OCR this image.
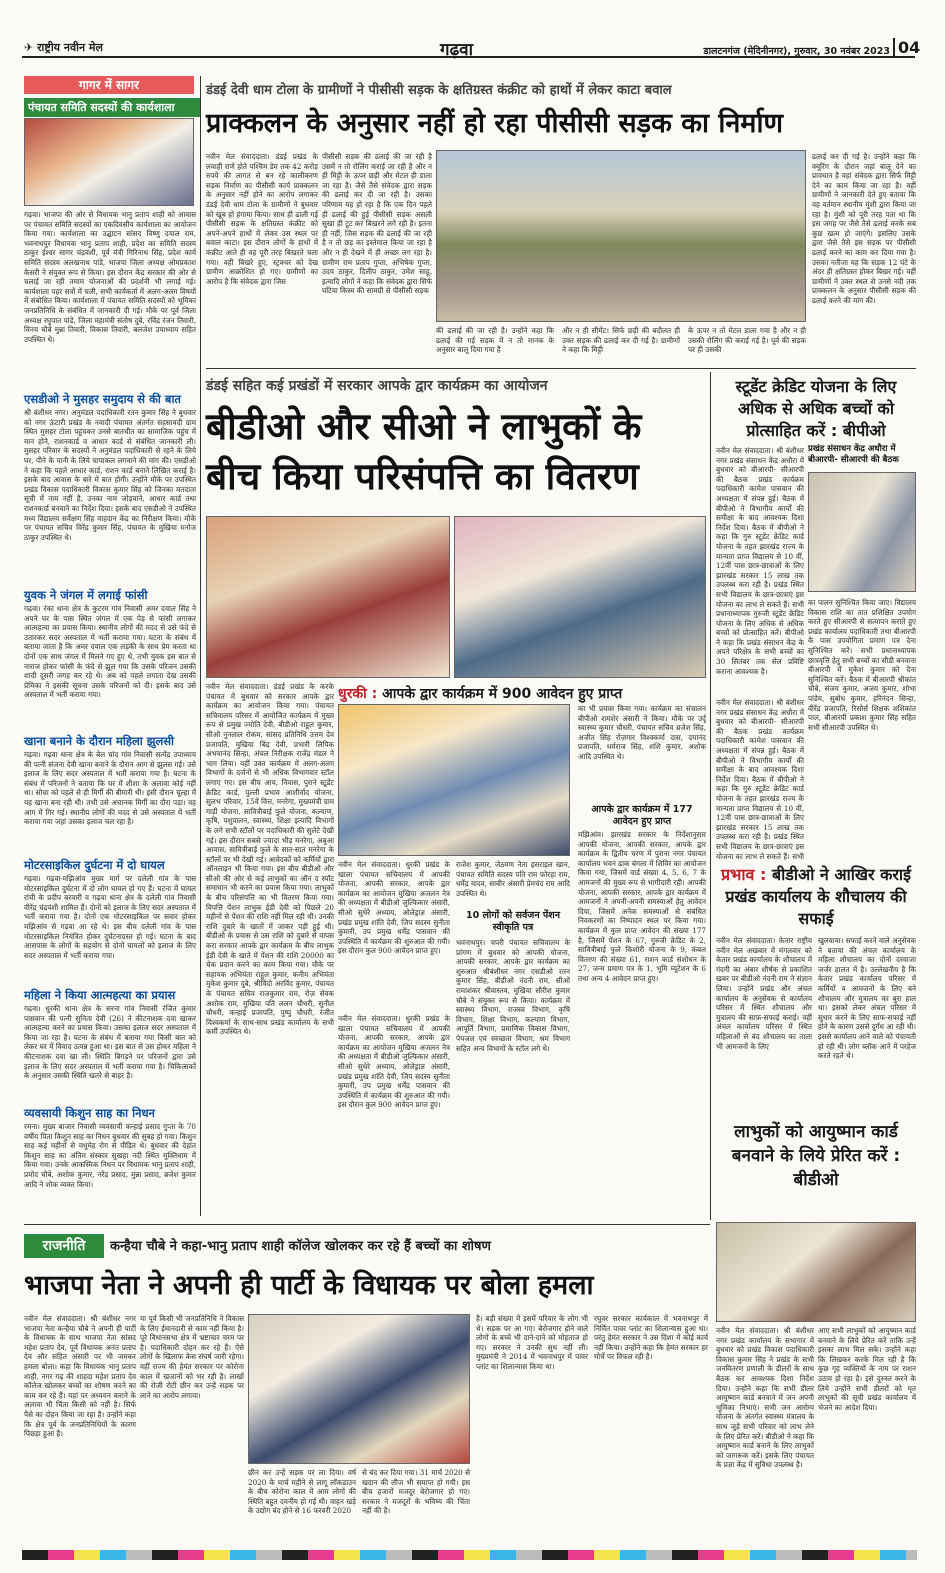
✈ राष्ट्रीय नवीन मेल	गढ़वा	डालटनगंज (मेदिनीनगर), गुरुवार, 30 नवंबर 2023 04
गागर में सागर
पंचायत समिति सदस्यों की कार्यशाला
गढ़वा। भाजपा की ओर से विधायक भानु प्रताप शाही को आवास पर पंचायत समिति सदस्यों का एकदिवसीय कार्यशाला का आयोजन किया गया। कार्यशाला का उद्घाटन सांसद विष्णु दयाल राम, भवनाथपुर विधायक भानु प्रताप शाही, प्रदेश का समिति सदस्य ठाकुर ईश्वर सागर चंद्रवंशी, पूर्व मंत्री गिरिनाथ सिंह, प्रदेश कार्य समिति सदस्य अलखनाथ पांडे, भाजपा जिला अध्यक्ष ओमप्रकाश केसरी ने संयुक्त रूप से किया। इस दौरान केंद्र सरकार की ओर से चलाई जा रही तमाम योजनाओं की प्रदर्शनी भी लगाई गई। कार्यशाला पहर सत्रों में चली, सभी कार्यकर्ता में अलग-अलग विषयों में संबोधित किया। कार्यशाला में पंचायत समिति सदस्यों को भूमिका जनप्रतिनिधि के संबंधित में जानकारी दी गई। मौके पर पूर्व जिला अध्यक्ष रघुपात पांडे, जिला महामंत्री संतोष दुबे, रविंद्र रंजन तिवारी, विनय चौबे मुन्ना तिवारी, विकास तिवारी, बलजेश उपाध्याय सहित उपस्थित थे।
एसडीओ ने मुसहर समुदाय से की बात
श्री बंशीधर नगर। अनुमंडल पदाधिकारी रतन कुमार सिंह ने बुधवार को नगर ऊंटारी प्रखंड के नवादी पंचायत अंतर्गत सहसावदी ग्राम स्थित मुसहर टोला पहुंचकर उनसे बातचीत का सामाजिक पहुंच में मान होने, राशनकार्ड व आधार कार्ड से संबंधित जानकारी ली। मुसहर परिवार के सदस्यों ने अनुमंडल पदाधिकारी से रहने के लिये घर, पीने के पानी के लिये चापाकल लगवाने की मांग की। एसडीओ ने कहा कि पहले आधार कार्ड, राशन कार्ड बनाने लिखित कराई है। इसके बाद आवास के बारे में बात होगी। उन्होंने मौके पर उपस्थित प्रखंड विकास पदाधिकारी विकास कुमार सिंह को जिनका मतदाता सूची में नाम नहीं है, उनका नाम जोड़वाने, आधार कार्ड तथा राशनकार्ड बनवाने का निर्देश दिया। इसके बाद एसडीओ ने उपस्थित मध्य विद्यालय सर्वेक्षण सिंह वाहदान केंद्र का निरीक्षण किया। मौके पर पंचायत सचिव विरेंद्र कुमार सिंह, पंचायत के मुखिया मनोज ठाकुर उपस्थित थे।
युवक ने जंगल में लगाई फांसी
गढ़वा। रंका थाना क्षेत्र के कुटरम गांव निवासी अमर दयाल सिंह ने अपने घर के पास स्थित जंगल में एक पेड़ से फांसी लगाकर आत्महत्या का प्रयास किया। स्थानीय लोगों की मदद से उसे फंदे से उतारकर सदर अस्पताल में भर्ती कराया गया। घटना के संबंध में बताया जाता है कि अमर दयाल एक लड़की के साथ प्रेम करता था दोनों एक साथ जंगल में मिलने गए हुए थे, तभी युवक इस बात से नाराज होकर फांसी के फंदे से झूल गया कि उसके परिजन उसकी शादी दूसरी जगह कर रहे थे। अब को पहले लगाता देख उसकी प्रेमिका ने इसकी सूचना उसके परिजनों को दी। इसके बाद उसे अस्पताल में भर्ती कराया गया।
खाना बनाने के दौरान महिला झुलसी
गढ़वा। गढ़वा थाना क्षेत्र के बेल चांद गांव निवासी सत्येंद्र उपाध्याय की पत्नी संजना देवी खाना बनाने के दौरान आग से झुलस गई। उसे इलाज के लिए सदर अस्पताल में भर्ती कराया गया है। घटना के संबंध में परिजनों ने बताया कि घर में शीशा के अलावा कोई नहीं था। सोचा को पहले से ही मिर्गी की बीमारी थी। इसी दौरान चूल्हा में यह खाना बना रही थी। तभी उसे अचानक मिर्गी का दौरा पड़ा। वह आग में गिर गई। स्थानीय लोगों की मदद से उसे अस्पताल में भर्ती कराया गया जहां उसका इलाज चल रहा है।
मोटरसाइकिल दुर्घटना में दो घायल
गढ़वा। गढ़वा-मझिआंव मुख्य मार्ग पर दलेली गांव के पास मोटरसाइकिल दुर्घटना में दो लोग घायल हो गए हैं। घटना में घायल रांची के प्रदीप बरवारी व गढ़वा थाना क्षेत्र के दलेली गांव निवासी वीरेंद्र चंद्रवंशी शामिल हैं। दोनों को इलाज के लिए सदर अस्पताल में भर्ती कराया गया है। दोनों एक मोटरसाइकिल पर सवार होकर मझिआंव से गढ़वा आ रहे थे। इस बीच दलेली गांव के पास मोटरसाइकिल नियंत्रित होकर दुर्घटनाग्रस्त हो गई। घटना के बाद आसपास के लोगों के सहयोग से दोनों घायलों को इलाज के लिए सदर अस्पताल में भर्ती कराया गया।
महिला ने किया आत्महत्या का प्रयास
गढ़वा। धुरकी थाना क्षेत्र के सरना गांव निवासी रंजित कुमार पासवान की पत्नी सुनिता देवी (26) ने कीटनाशक दवा खाकर आत्महत्या करने का प्रयास किया। उसका इलाज सदर अस्पताल में किया जा रहा है। घटना के संबंध में बताया गया किसी बात को लेकर घर में विवाद उत्पन्न हुआ था। इस बात से उस होकर महिला ने कीटनाशक दवा खा ली। स्थिति बिगड़ने पर परिजनों द्वारा उसे इलाज के लिए सदर अस्पताल में भर्ती कराया गया है। चिकित्सकों के अनुसार उसकी स्थिति खतरे से बाहर है।
व्यवसायी किशुन साह का निधन
रमना। मुख्य बाजार निवासी व्यवसायी कन्हाई प्रसाद गुप्ता के 70 वर्षीय पिता किशुन साह का निधन बुधवार की सुबह हो गया। किशुन साह कई महीनों से मधुमेह रोग से पीड़ित थे। बुधवार की देहांत किशुन साह का अंतिम संस्कार सुखहा नदी स्थित मुक्तिधाम में किया गया। उनके आकस्मिक निधन पर विधायक भानु प्रताप शाही, प्रमोद चौबे, अशोक कुमार, नरेंद्र प्रसाद, मुन्ना प्रसाद, ब्रजेश कुमार आदि ने शोक व्यक्त किया।
डंडई देवी धाम टोला के ग्रामीणों ने पीसीसी सड़क के क्षतिग्रस्त कंक्रीट को हाथों में लेकर काटा बवाल
प्राक्कलन के अनुसार नहीं हो रहा पीसीसी सड़क का निर्माण
नवीन मेल संवाददाता। डंडई प्रखंड के लवाही राणे होते पश्चिम डेम तक 42 करोड़ रुपये की लागत से बन रहे कालीकरण सड़क निर्माण का पीसीसी कार्य प्राक्कलन के अनुसार नहीं होने का आरोप लगाकर डंडई देवी धाम टोला के ग्रामीणों ने बुधवार को खूब हो हंगामा किया। साथ ही ढाली गई पीसीसी सड़क के क्षतिग्रस्त कंक्रीट को अपने-अपने हाथों में लेकर उस स्थल पर बवाल काटा। इस दौरान लोगों के हाथों में कंक्रीट आते ही वह पूरी तरह बिखरते चला गया। वहीं बिखरे हुए, स्ट्रक्चर को देख ग्रामीण आक्रोशित हो गए। ग्रामीणों का आरोप है कि संवेदक द्वारा जिस
पीसीसी सड़क की ढलाई की जा रही है उसमें न तो रोलिंग कराई जा रही है और न ही मिट्टी के ऊपर छड़ी और मेटल ही डाला जा रहा है। जैसे तैसे संवेदक द्वारा सड़क की ढलाई कर दी जा रही है। उसका परिणाम यह हो रहा है कि एक दिन पहले ही ढलाई की हुई पीसीसी सड़क असली सुखा ही टूट कर बिखरने लगे रही है। इतना ही नहीं, जिस सड़क की ढलाई की जा रही है न तो छड़ का इस्तेमाल किया जा रहा है और न ही देखने में ही अच्छा लग रहा है। ग्रामीण राम प्रताप गुप्ता, अभिषेक गुप्ता, उदय ठाकुर, दिलीप ठाकुर, उमेश साहू, इत्यादि लोगों ने कहा कि संवेदक द्वारा सिर्फ घटिया किस्म की सामग्री से पीसीसी सड़क
की ढलाई की जा रही है। उन्होंने कहा कि ढलाई की गई सड़क में न तो मानक के अनुसार बालू दिया गया है
और न ही सीमेंट। सिर्फ छड़ी की बदौलत ही उक्त सड़क की ढलाई कर दी गई है। ग्रामीणों ने कहा कि मिट्टी
के ऊपर न तो मेटल डाला गया है और न ही उसकी रोलिंग की कराई गई है। पूर्व की सड़क पर ही उसकी
ढलाई कर दी गई है। उन्होंने कहा कि क्यूरिंग के दौरान जहां बालू देने का प्रावधान है वहां संवेदक द्वारा सिर्फ मिट्टी देने का काम किया जा रहा है। वहीं ग्रामीणों ने जानकारी देते हुए बताया कि वह वर्तमान स्थानीय मुंशी द्वारा किया जा रहा है। मुंशी को पूरी तरह पता था कि इस जगह पर जैसे तैसे ढलाई करके सब कुछ खत्म हो जाएंगे। इसलिए उसके द्वारा जैसे तैसे इस सड़क पर पीसीसी ढलाई करने का काम कर दिया गया है। उसका नतीजा यह कि सड़क 12 घंटे के अंदर ही क्षतिग्रस्त होकर बिखर गई। वहीं ग्रामीणों ने उक्त स्थल से उनसे नदी तक प्राक्कलन के अनुसार पीसीसी सड़क की ढलाई करने की मांग की।
डंडई सहित कई प्रखंडों में सरकार आपके द्वार कार्यक्रम का आयोजन
बीडीओ और सीओ ने लाभुकों के बीच किया परिसंपत्ति का वितरण
नवीन मेल संवाददाता। डंडई प्रखंड के करके पंचायत में बुधवार को सरकार आपके द्वार कार्यक्रम का आयोजन किया गया। पंचायत सचिवालय परिसर में आयोजित कार्यक्रम में मुख्य रूप से प्रमुख ज्योति देवी, बीडीओ राहुल कुमार, सीओ नुनलाल रोकम, सांसद प्रतिनिधि उत्तम देव प्रजापति, मुखिया बिंद्र देवी, प्रभारी लिपिक अभयानंद सिन्हा, अंचल निरीक्षक राजेंद्र मंडल ने भाग लिया। वहीं उक्त कार्यक्रम में अलग-अलग विभागों के दर्जनों से भी अधिक विभागवार स्टॉल लगाए गए। इस बीच आय, निवास, पुराने स्टूडेंट क्रेडिट कार्ड, पुल्ली प्रभाव आशीर्वाद योजना, सुलभ परिवार, 15वें वित्त, मनरेगा, मुख्यमंत्री ग्राम गाड़ी योजना, सावित्रीबाई फुले योजना, कल्याण, कृषि, पशुपालन, स्वास्थ्य, शिक्षा इत्यादि विभागों के लगे सभी स्टॉलों पर पदाधिकारी की सुलेटे देखी गई। इस दौरान सबसे ज्यादा भीड़ मनरेगा, अबुआ आवास, सावित्रीबाई फुले के सात-सात मनरेगा के स्टॉलों पर भी देखी गई। आवेदकों को कर्मियों द्वारा ऑनलाइन भी किया गया। इस बीच बीडीओ और सीओ की ओर से कई लाभुकों का ऑन द स्पॉट समाधान भी करने का प्रयास किया गया। लाभुकों के बीच परिसंपत्ति का भी वितरण किया गया। विपत्ति पेंशन लाभुक ईडी देवी को पिछले 20 महीनों से पेंशन की राशि नहीं मिल रही थी। उनकी राशि दुबारे के खातों में जाकर पड़ी हुई थी। बीडीओ के प्रयास से उस राशि को दुबारे से वापस करा सरकार आपके द्वार कार्यक्रम के बीच लाभुक ईडी देवी के खाते में पेंशन की राशि 20000 का चेक प्रदान करने का काम किया गया। मौके पर सहायक अभियंता राहुल कुमार, कनीय अभियंता मुकेश कुमार दुबे, श्रीविंदो अरविंद कुमार, पंचायत के पंचायत सचिव राजकुमार राम, रोज़ सेवक अशोक राम, मुखिया पति ललन चौधरी, सुनील चौधरी, कन्हाई प्रजापति, पुष्पु चौधरी, रंजीत विश्वकर्मा के साथ-साथ प्रखंड कार्यालय के सभी कर्मी उपस्थित थे।
धुरकी : आपके द्वार कार्यक्रम में 900 आवेदन हुए प्राप्त
नवीन मेल संवाददाता। धुरकी प्रखंड के खाला पंचायत सचिवालय में आपकी योजना, आपकी सरकार, आपके द्वार कार्यक्रम का आयोजन मुखिया अजलन नेत्र की अध्यक्षता में बीडीओ जुल्फिकार अंसारी, सीओ सुधेरे अध्याय, ओलेड्राज्ञ अंसारी, प्रखंड प्रमुख शांति देवी, जिप सदस्य सुनीता कुमारी, उप प्रमुख धर्मेंद्र पासवान की उपस्थिति में कार्यक्रम की शुरुआत की गयी। इस दौरान कुल 900 आवेदन प्राप्त हुए।
राजेश कुमार, जेठमण नेता इसराइल खान, पंचायत समिति सदस्य पति राम फ़ोरहा राम, धर्मेंद्र यादव, साबीर अंसारी प्रेमचंद राम आदि उपस्थित थे।
10 लोगों को सर्वजन पेंशन स्वीकृति पत्र
भवनाथपुर। चपरी पंचायत सचिवालय के प्रांगण में बुधवार को आपकी योजना, आपकी सरकार, आपके द्वार कार्यक्रम का शुरुआत श्रीबंशीधर नगर एसडीओ रतन कुमार सिंह, बीडीओ नंदनी राम, सीओ रामाशंकर श्रीवास्तव, मुखिया सौरीश कुमार चौबे ने संयुक्त रूप से किया। कार्यक्रम में स्वास्थ्य विभाग, राजस्व विभाग, कृषि विभाग, शिक्षा विभाग, कल्याण विभाग, आपूर्ति विभाग, प्रमाणिक विकास विभाग, पेयजल एवं स्वच्छता विभाग, श्रम विभाग सहित अन्य विभागों के स्टॉल लगे थे।
नवीन मेल संवाददाता। धुरकी प्रखंड के खाला पंचायत सचिवालय में आपकी योजना, आपकी सरकार, आपके द्वार कार्यक्रम का आयोजन मुखिया अजलन नेत्र की अध्यक्षता में बीडीओ जुल्फिकार अंसारी, सीओ सुधेरे अध्याय, ओलेड्राज्ञ अंसारी, प्रखंड प्रमुख शांति देवी, जिप सदस्य सुनीता कुमारी, उप प्रमुख धर्मेंद्र पासवान की उपस्थिति में कार्यक्रम की शुरुआत की गयी। इस दौरान कुल 900 आवेदन प्राप्त हुए।
का भी प्रयास किया गया। कार्यक्रम का संचालन बीपीओ शमशेर अंसारी ने किया। मौके पर उर्दू स्वास्थ्य कुमार चौधरी, पंचायत सचिव ब्रजेश सिंह, अजीत सिंह रोज़गार विश्वकर्मा दास, दयानंद प्रजापति, धर्मराज सिंह, शशि कुमार, अशोक आदि उपस्थित थे।
आपके द्वार कार्यक्रम में 177 आवेदन हुए प्राप्त
मझिआंव। झारखंड सरकार के निर्देशानुसार आपकी योजना, आपकी सरकार, आपके द्वार कार्यक्रम के द्वितीय चरण में पुराना नगर पंचायत कार्यालय भवन ढाक बंगला में शिविर का आयोजन किया गया, जिसमें वार्ड संख्या 4, 5, 6, 7 के आमजनों की मुख्य रूप से भागीदारी रही। आपकी योजना, आपकी सरकार, आपके द्वार कार्यक्रम में आमजनों ने अपनी-अपनी समस्याओं हेतु आवेदन दिया, जिसमें अनेक समस्याओं से संबंधित निवकरणों का निष्पादन स्थल पर किया गया। कार्यक्रम में कुल प्राप्त आवेदन की संख्या 177 है, जिसमें पेंशन के 67, गुरुजी क्रेडिट के 2, सावित्रीबाई फुले किशोरी योजना के 9, कंबल वितरण की संख्या 61, राशन कार्ड संशोधन के 27, जन्म प्रमाण पत्र के 1, भूमि म्यूटेशन के 6 तथा अन्य 4 आवेदन प्राप्त हुए।
स्टूडेंट क्रेडिट योजना के लिए अधिक से अधिक बच्चों को प्रोत्साहित करें : बीपीओ
प्रखंड संसाधन केंद्र अधौरा में बीआरपी- सीआरपी की बैठक
नवीन मेल संवाददाता। श्री बंशीधर नगर प्रखंड संसाधन केंद्र अधौरा में बुधवार को बीआरपी- सीआरपी की बैठक प्रखंड कार्यक्रम पदाधिकारी कामेश पासवान की अध्यक्षता में संपन्न हुई। बैठक में बीपीओ ने विभागीय कार्यों की समीक्षा के बाद आवश्यक दिशा निर्देश दिया। बैठक में बीपीओ ने कहा कि गुरु स्टूडेंट क्रेडिट कार्ड योजना के तहत झारखंड राज्य के मान्यता प्राप्त विद्यालय से 10 वीं, 12वीं पास छात्र-छात्राओं के लिए झारखंड सरकार 15 लाख तक उपलब्ध करा रही है। प्रखंड स्थित सभी विद्यालय के छात्र-छात्राएं इस योजना का लाभ ले सकते हैं। सभी प्रधानाध्यापक गुरुजी स्टूडेंट क्रेडिट योजना के लिए अधिक से अधिक बच्चों को प्रोत्साहित करें। बीपीओ ने कहा कि प्रखंड संसाधन केंद्र के अपने परिक्षेत्र के सभी बच्चों का 30 सितंबर तक सेल प्रविष्टि कराना आवश्यक है।
का पालन सुनिश्चित किया जाए। विद्यालय विकास राशि का तात प्रशिक्षित उपयोग करते हुए सीआरपी से सत्यापन कराते हुए प्रखंड कार्यालय पदाधिकारी तथा बीआरपी के पास उपयोगिता प्रमाण पत्र देना सुनिश्चित करें। सभी प्रधानाध्यापक छात्रवृत्ति हेतु सभी बच्चों का सीडी बनवाना बीआरपी में मुकेश कुमार को देना सुनिश्चित करें। बैठक में बीआरपी श्रीकांत चौबे, संजय कुमार, अजय कुमार, शोभा पांडेय, सुबोध कुमार, हरिनंदन सिन्हा, वीरेंद्र प्रजापति, रिसोर्स शिक्षक शशिकांत पाल, बीआरपी प्रकाश कुमार सिंह सहित सभी सीआरपी उपस्थित थे।
नवीन मेल संवाददाता। श्री बंशीधर नगर प्रखंड संसाधन केंद्र अधौरा में बुधवार को बीआरपी- सीआरपी की बैठक प्रखंड कार्यक्रम पदाधिकारी कामेश पासवान की अध्यक्षता में संपन्न हुई। बैठक में बीपीओ ने विभागीय कार्यों की समीक्षा के बाद आवश्यक दिशा निर्देश दिया। बैठक में बीपीओ ने कहा कि गुरु स्टूडेंट क्रेडिट कार्ड योजना के तहत झारखंड राज्य के मान्यता प्राप्त विद्यालय से 10 वीं, 12वीं पास छात्र-छात्राओं के लिए झारखंड सरकार 15 लाख तक उपलब्ध करा रही है। प्रखंड स्थित सभी विद्यालय के छात्र-छात्राएं इस योजना का लाभ ले सकते हैं। सभी
प्रभाव : बीडीओ ने आखिर कराई प्रखंड कार्यालय के शौचालय की सफाई
नवीन मेल संवाददाता। केतार राष्ट्रीय नवीन मेल अखबार में मंगलवार को केतार प्रखंड कार्यालय के शौचालय में गंदगी का अंबार शीर्षक से प्रकाशित खबर पर बीडीओ नंदनी राम ने संज्ञान लिया। उन्होंने प्रखंड और अंचल कार्यालय के अनुसेवक से कार्यालय परिसर में स्थित शौचालय और मुत्रालय की साफ़-सफाई कराई। वहीं अंचल कार्यालय परिसर में स्थित महिलाओं से बंद शौचालय का ताला भी आमजनों के लिए
खुलवाया। सफाई करने वाले अनुसेवक ने बताया की अंचल कार्यालय के महिला शौचालय का दोनों दरवाजा जर्जर हालत में है। उल्लेखनीय है कि केतार प्रखंड कार्यालय परिसर में कर्मियों व आमजनों के लिए बने शौचालय और मुत्रालय का बुरा हाल था। इसको लेकर अंचल परिसर में सुधार करने के लिए साफ-सफाई नहीं होने के कारण उससे दुर्गंध आ रही थी। इससे कार्यालय आने वाले को पंचायती हो रही थी। लोग ब्लॉक आने में परहेज करते रहते थे।
लाभुकों को आयुष्मान कार्ड बनवाने के लिये प्रेरित करें : बीडीओ
नवीन मेल संवाददाता। श्री बंशीधर नगर प्रखंड कार्यालय के सभागार में बुधवार को प्रखंड विकास पदाधिकारी विकास कुमार सिंह ने प्रखंड के सभी जनवितरण प्रणाली के डीलरों के साथ बैठक कर आवश्यक दिशा निर्देश दिया। उन्होंने कहा कि सभी डीलर आयुष्मान कार्ड बनवाने में जन अपनी भूमिका निभाएं। सभी जन आरोग्य योजना के अंतर्गत स्वास्थ्य मंत्रालय के साथ जुड़े सभी परिवार को लाभ लेने के लिए प्रेरित करें। बीडीओ ने कहा कि आयुष्मान कार्ड बनाने के लिए लाभुकों को जागरूक करें। इसके लिए पंचायत के प्रज्ञा केंद्र में सुविधा उपलब्ध है।
आए सभी लाभुकों को आयुष्मान कार्ड बनवाने के लिये प्रेरित करें ताकि उन्हें इसका लाभ मिल सके। उन्होंने कहा कि लिखकर करके मिल रही है कि कुछ गृह व्यक्तियों के नाम पर राशन उठाव हो रहा है। इसे दुरुस्त करने के लिये उन्होंने सभी डीलरों को मृत लाभुकों की सूची प्रखंड कार्यालय में भेजने का आदेश दिया।
राजनीति	कन्हैया चौबे ने कहा-भानु प्रताप शाही कॉलेज खोलकर कर रहे हैं बच्चों का शोषण
भाजपा नेता ने अपनी ही पार्टी के विधायक पर बोला हमला
नवीन मेल संवाददाता। श्री बंशीधर नगर भाजपा नेता कन्हैया चौबे ने अपनी ही पार्टी के विधायक के साथ भाजपा नेता सांसद महेश प्रताप देव, पूर्व विधायक अनंत प्रताप देव और सहित अंसारी पर भी जमकर हमला बोला। कहा कि विधायक भानु प्रताप शाही, नगर गढ़ की शाहदा महेश प्रताप देव कॉलेज खोलकर बच्चों का शोषण करने का काम कर रहे हैं। यहां पर अध्ययन कराने के अलावा भी चिंता किसी को नहीं है। सिर्फ पैसे का दोहन किया जा रहा है। उन्होंने कहा कि क्षेत्र पूर्व के जनप्रतिनिधियों के कारण पिछड़ा हुआ है।
या पूर्व किसी भी जनप्रतिनिधि ने विकास के लिए ईमानदारी से काम नहीं किया है। पूरे विधानसभा क्षेत्र में भ्रष्टाचार चरम पर है। पदाधिकारी दोहन कर रहे हैं। ऐसे लोगों के खिलाफ केस संघर्ष जारी रहेगा। वहीं राज्य की हेमंत सरकार पर कोरोना काल में खजानों को भर रही है। लाखों की रोजी रोटी छीन कर उन्हें सड़क पर लाने का आरोप लगाया।
छीन कर उन्हें सड़क पर ला दिया। वर्ष 2020 के मार्च महीने से लागू लॉकडाउन के बीच कोरोना काल में आम लोगों की स्थिति बहुत दयनीय हो गई थी। वाहन खड़े के उद्योग बंद होने से 16 फरवरी 2020
से बंद कर दिया गया। 31 मार्च 2020 से खदान की लीज भी समाप्त हो गयी। इस बीच हजारों मजदूर बेरोजगार हो गए। सरकार ने मजदूरों के भविष्य की चिंता नहीं की है।
है। बड़ी संख्या में इसमें परिवार के लोग भी थे। सड़क पर आ गए। बेरोजगार होने वाले लोगों के बच्चे भी दाने-दाने को मोहताज हो गए। सरकार ने उनकी सुध नहीं ली। मुख्यमंत्री ने 2014 में भवनाथपुर में पावर प्लांट का शिलान्यास किया था।
रघुवर सरकार कार्यकाल में भवनाथपुर में निर्मित पावर प्लांट का शिलान्यास हुआ था। परंतु हेमंत सरकार ने उस दिशा में कोई कार्य नहीं किया। उन्होंने कहा कि हेमंत सरकार हर मोर्चे पर विफल रही है।
